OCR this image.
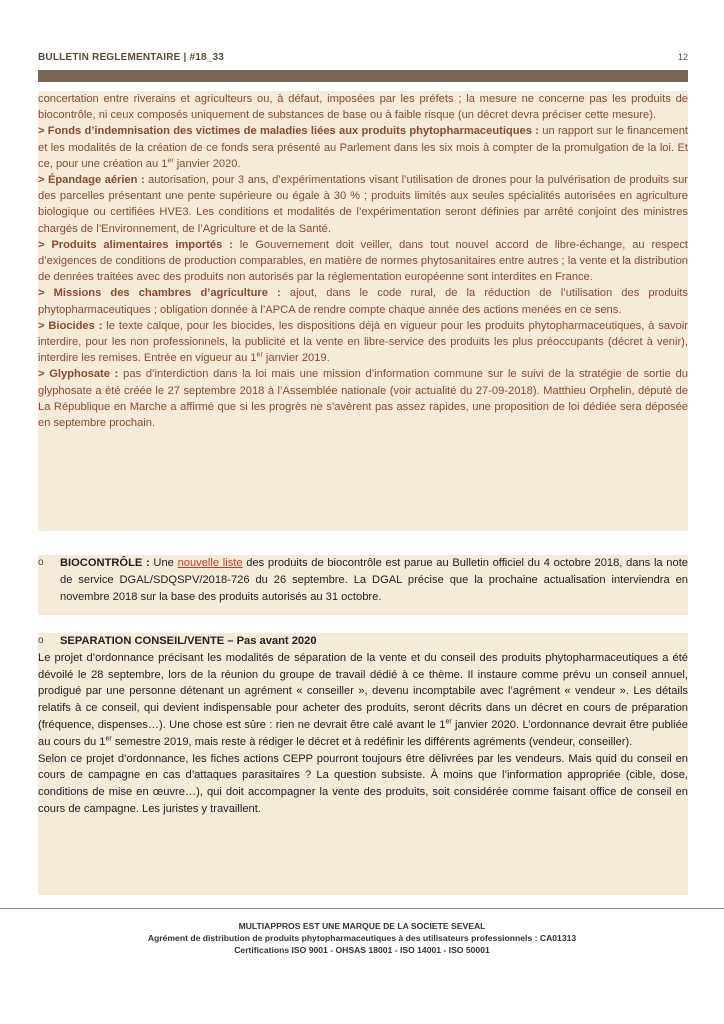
BULLETIN REGLEMENTAIRE | #18_33	12

concertation entre riverains et agriculteurs ou, à défaut, imposées par les préfets ; la mesure ne concerne pas les produits de biocontrôle, ni ceux composés uniquement de substances de base ou à faible risque (un décret devra préciser cette mesure).

> Fonds d’indemnisation des victimes de maladies liées aux produits phytopharmaceutiques : un rapport sur le financement et les modalités de la création de ce fonds sera présenté au Parlement dans les six mois à compter de la promulgation de la loi. Et ce, pour une création au 1er janvier 2020.

> Épandage aérien : autorisation, pour 3 ans, d’expérimentations visant l’utilisation de drones pour la pulvérisation de produits sur des parcelles présentant une pente supérieure ou égale à 30 % ; produits limités aux seules spécialités autorisées en agriculture biologique ou certifiées HVE3. Les conditions et modalités de l’expérimentation seront définies par arrêté conjoint des ministres chargés de l’Environnement, de l’Agriculture et de la Santé.

> Produits alimentaires importés : le Gouvernement doit veiller, dans tout nouvel accord de libre-échange, au respect d’exigences de conditions de production comparables, en matière de normes phytosanitaires entre autres ; la vente et la distribution de denrées traitées avec des produits non autorisés par la réglementation européenne sont interdites en France.

> Missions des chambres d’agriculture : ajout, dans le code rural, de la réduction de l’utilisation des produits phytopharmaceutiques ; obligation donnée à l’APCA de rendre compte chaque année des actions menées en ce sens.

> Biocides : le texte calque, pour les biocides, les dispositions déjà en vigueur pour les produits phytopharmaceutiques, à savoir interdire, pour les non professionnels, la publicité et la vente en libre-service des produits les plus préoccupants (décret à venir), interdire les remises. Entrée en vigueur au 1er janvier 2019.

> Glyphosate : pas d’interdiction dans la loi mais une mission d’information commune sur le suivi de la stratégie de sortie du glyphosate a été créée le 27 septembre 2018 à l’Assemblée nationale (voir actualité du 27-09-2018). Matthieu Orphelin, député de La République en Marche a affirmé que si les progrès ne s’avèrent pas assez rapides, une proposition de loi dédiée sera déposée en septembre prochain.

o BIOCONTRÔLE : Une nouvelle liste des produits de biocontrôle est parue au Bulletin officiel du 4 octobre 2018, dans la note de service DGAL/SDQSPV/2018-726 du 26 septembre. La DGAL précise que la prochaine actualisation interviendra en novembre 2018 sur la base des produits autorisés au 31 octobre.

o SEPARATION CONSEIL/VENTE – Pas avant 2020

Le projet d’ordonnance précisant les modalités de séparation de la vente et du conseil des produits phytopharmaceutiques a été dévoilé le 28 septembre, lors de la réunion du groupe de travail dédié à ce thème. Il instaure comme prévu un conseil annuel, prodigué par une personne détenant un agrément « conseiller », devenu incomptabile avec l’agrément « vendeur ». Les détails relatifs à ce conseil, qui devient indispensable pour acheter des produits, seront décrits dans un décret en cours de préparation (fréquence, dispenses…). Une chose est sûre : rien ne devrait être calé avant le 1er janvier 2020. L’ordonnance devrait être publiée au cours du 1er semestre 2019, mais reste à rédiger le décret et à redéfinir les différents agréments (vendeur, conseiller).

Selon ce projet d’ordonnance, les fiches actions CEPP pourront toujours être délivrées par les vendeurs. Mais quid du conseil en cours de campagne en cas d’attaques parasitaires ? La question subsiste. À moins que l’information appropriée (cible, dose, conditions de mise en œuvre…), qui doit accompagner la vente des produits, soit considérée comme faisant office de conseil en cours de campagne. Les juristes y travaillent.

MULTIAPPROS EST UNE MARQUE DE LA SOCIETE SEVEAL
Agrément de distribution de produits phytopharmaceutiques à des utilisateurs professionnels : CA01313
Certifications ISO 9001 - OHSAS 18001 - ISO 14001 - ISO 50001
